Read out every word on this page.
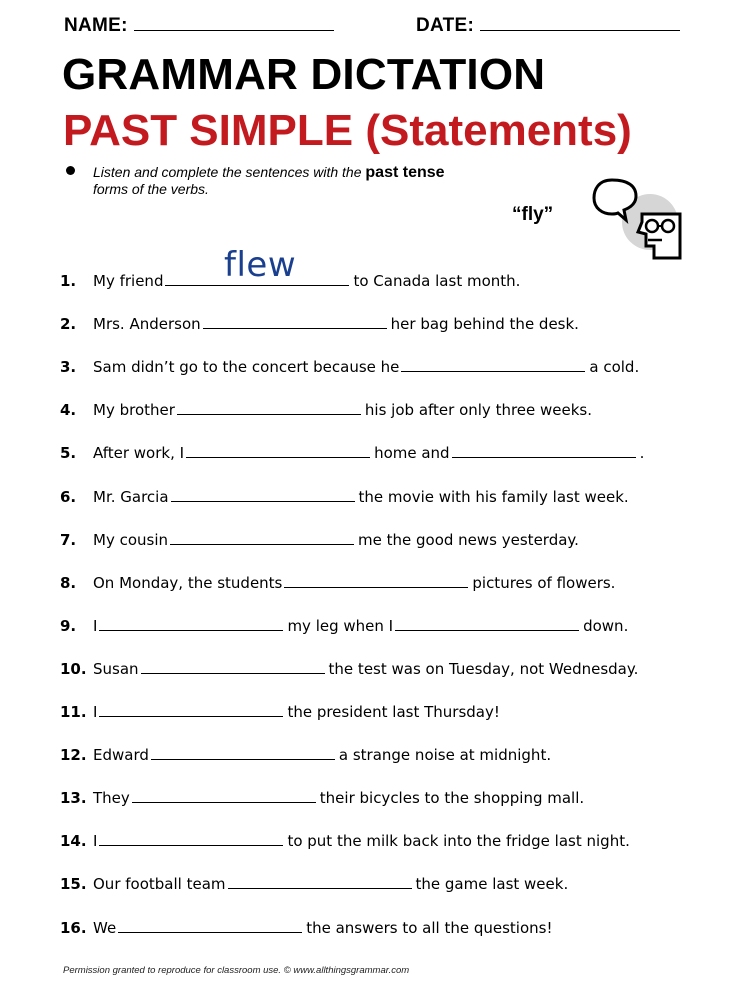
NAME:	DATE:
GRAMMAR DICTATION
PAST SIMPLE (Statements)
Listen and complete the sentences with the past tense
forms of the verbs.
“fly”
flew
1. My friend	to Canada last month.
2. Mrs. Anderson	her bag behind the desk.
3. Sam didn’t go to the concert because he	a cold.
4. My brother	his job after only three weeks.
5. After work, I	home and	.
6. Mr. Garcia	the movie with his family last week.
7. My cousin	me the good news yesterday.
8. On Monday, the students	pictures of flowers.
9. I	my leg when I	down.
10. Susan	the test was on Tuesday, not Wednesday.
11. I	the president last Thursday!
12. Edward	a strange noise at midnight.
13. They	their bicycles to the shopping mall.
14. I	to put the milk back into the fridge last night.
15. Our football team	the game last week.
16. We	the answers to all the questions!
Permission granted to reproduce for classroom use. © www.allthingsgrammar.com
